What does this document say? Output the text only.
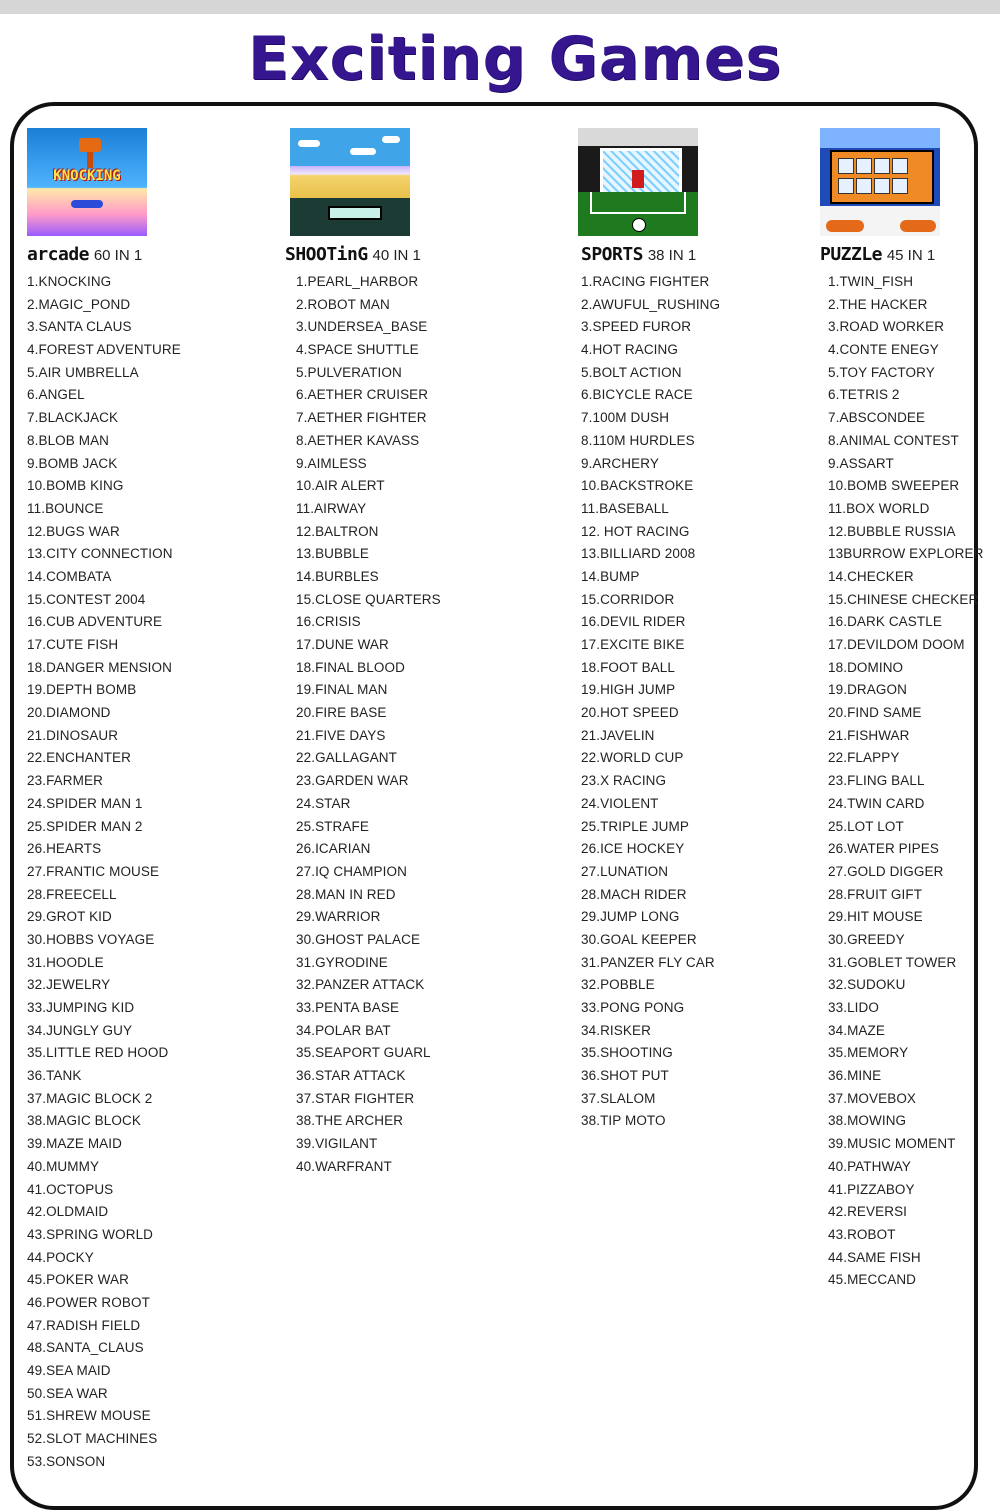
Exciting Games
KNOCKING
arcade 60 IN 1
1.KNOCKING
2.MAGIC_POND
3.SANTA CLAUS
4.FOREST ADVENTURE
5.AIR UMBRELLA
6.ANGEL
7.BLACKJACK
8.BLOB MAN
9.BOMB JACK
10.BOMB KING
11.BOUNCE
12.BUGS WAR
13.CITY CONNECTION
14.COMBATA
15.CONTEST 2004
16.CUB ADVENTURE
17.CUTE FISH
18.DANGER MENSION
19.DEPTH BOMB
20.DIAMOND
21.DINOSAUR
22.ENCHANTER
23.FARMER
24.SPIDER MAN 1
25.SPIDER MAN 2
26.HEARTS
27.FRANTIC MOUSE
28.FREECELL
29.GROT KID
30.HOBBS VOYAGE
31.HOODLE
32.JEWELRY
33.JUMPING KID
34.JUNGLY GUY
35.LITTLE RED HOOD
36.TANK
37.MAGIC BLOCK 2
38.MAGIC BLOCK
39.MAZE MAID
40.MUMMY
41.OCTOPUS
42.OLDMAID
43.SPRING WORLD
44.POCKY
45.POKER WAR
46.POWER ROBOT
47.RADISH FIELD
48.SANTA_CLAUS
49.SEA MAID
50.SEA WAR
51.SHREW MOUSE
52.SLOT MACHINES
53.SONSON
SHOOTinG 40 IN 1
1.PEARL_HARBOR
2.ROBOT MAN
3.UNDERSEA_BASE
4.SPACE SHUTTLE
5.PULVERATION
6.AETHER CRUISER
7.AETHER FIGHTER
8.AETHER KAVASS
9.AIMLESS
10.AIR ALERT
11.AIRWAY
12.BALTRON
13.BUBBLE
14.BURBLES
15.CLOSE QUARTERS
16.CRISIS
17.DUNE WAR
18.FINAL BLOOD
19.FINAL MAN
20.FIRE BASE
21.FIVE DAYS
22.GALLAGANT
23.GARDEN WAR
24.STAR
25.STRAFE
26.ICARIAN
27.IQ CHAMPION
28.MAN IN RED
29.WARRIOR
30.GHOST PALACE
31.GYRODINE
32.PANZER ATTACK
33.PENTA BASE
34.POLAR BAT
35.SEAPORT GUARL
36.STAR ATTACK
37.STAR FIGHTER
38.THE ARCHER
39.VIGILANT
40.WARFRANT
SPORTS 38 IN 1
1.RACING FIGHTER
2.AWUFUL_RUSHING
3.SPEED FUROR
4.HOT RACING
5.BOLT ACTION
6.BICYCLE RACE
7.100M DUSH
8.110M HURDLES
9.ARCHERY
10.BACKSTROKE
11.BASEBALL
12. HOT RACING
13.BILLIARD 2008
14.BUMP
15.CORRIDOR
16.DEVIL RIDER
17.EXCITE BIKE
18.FOOT BALL
19.HIGH JUMP
20.HOT SPEED
21.JAVELIN
22.WORLD CUP
23.X RACING
24.VIOLENT
25.TRIPLE JUMP
26.ICE HOCKEY
27.LUNATION
28.MACH RIDER
29.JUMP LONG
30.GOAL KEEPER
31.PANZER FLY CAR
32.POBBLE
33.PONG PONG
34.RISKER
35.SHOOTING
36.SHOT PUT
37.SLALOM
38.TIP MOTO
PUZZLe 45 IN 1
1.TWIN_FISH
2.THE HACKER
3.ROAD WORKER
4.CONTE ENEGY
5.TOY FACTORY
6.TETRIS 2
7.ABSCONDEE
8.ANIMAL CONTEST
9.ASSART
10.BOMB SWEEPER
11.BOX WORLD
12.BUBBLE RUSSIA
13BURROW EXPLORER
14.CHECKER
15.CHINESE CHECKER
16.DARK CASTLE
17.DEVILDOM DOOM
18.DOMINO
19.DRAGON
20.FIND SAME
21.FISHWAR
22.FLAPPY
23.FLING BALL
24.TWIN CARD
25.LOT LOT
26.WATER PIPES
27.GOLD DIGGER
28.FRUIT GIFT
29.HIT MOUSE
30.GREEDY
31.GOBLET TOWER
32.SUDOKU
33.LIDO
34.MAZE
35.MEMORY
36.MINE
37.MOVEBOX
38.MOWING
39.MUSIC MOMENT
40.PATHWAY
41.PIZZABOY
42.REVERSI
43.ROBOT
44.SAME FISH
45.MECCAND
